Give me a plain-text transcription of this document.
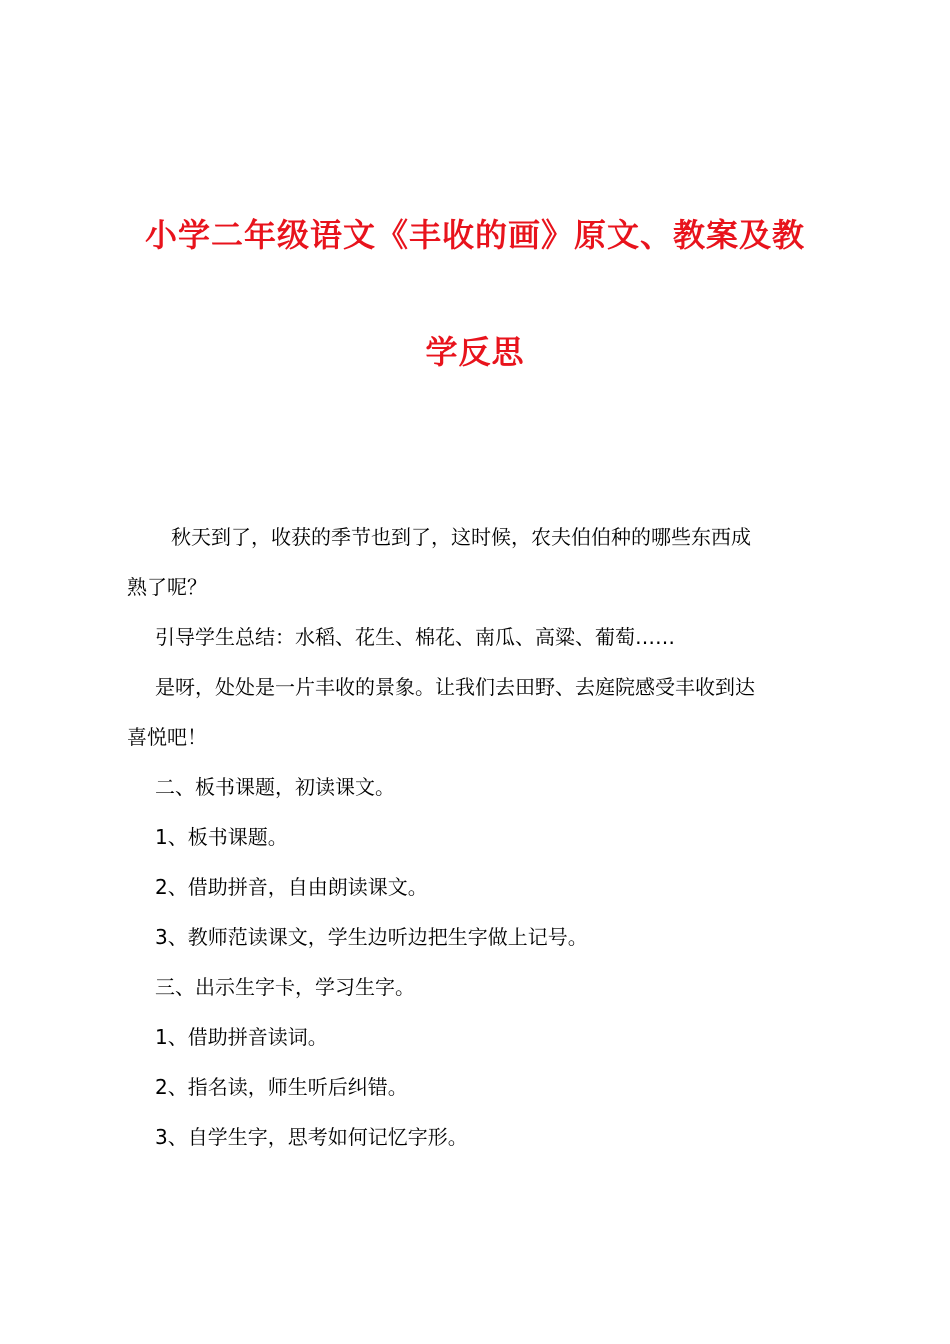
小学二年级语文《丰收的画》原文、教案及教
学反思

秋天到了，收获的季节也到了，这时候，农夫伯伯种的哪些东西成
熟了呢？

引导学生总结：水稻、花生、棉花、南瓜、高粱、葡萄……

是呀，处处是一片丰收的景象。让我们去田野、去庭院感受丰收到达
喜悦吧！

二、板书课题，初读课文。

1、板书课题。

2、借助拼音，自由朗读课文。

3、教师范读课文，学生边听边把生字做上记号。

三、出示生字卡，学习生字。

1、借助拼音读词。

2、指名读，师生听后纠错。

3、自学生字，思考如何记忆字形。
